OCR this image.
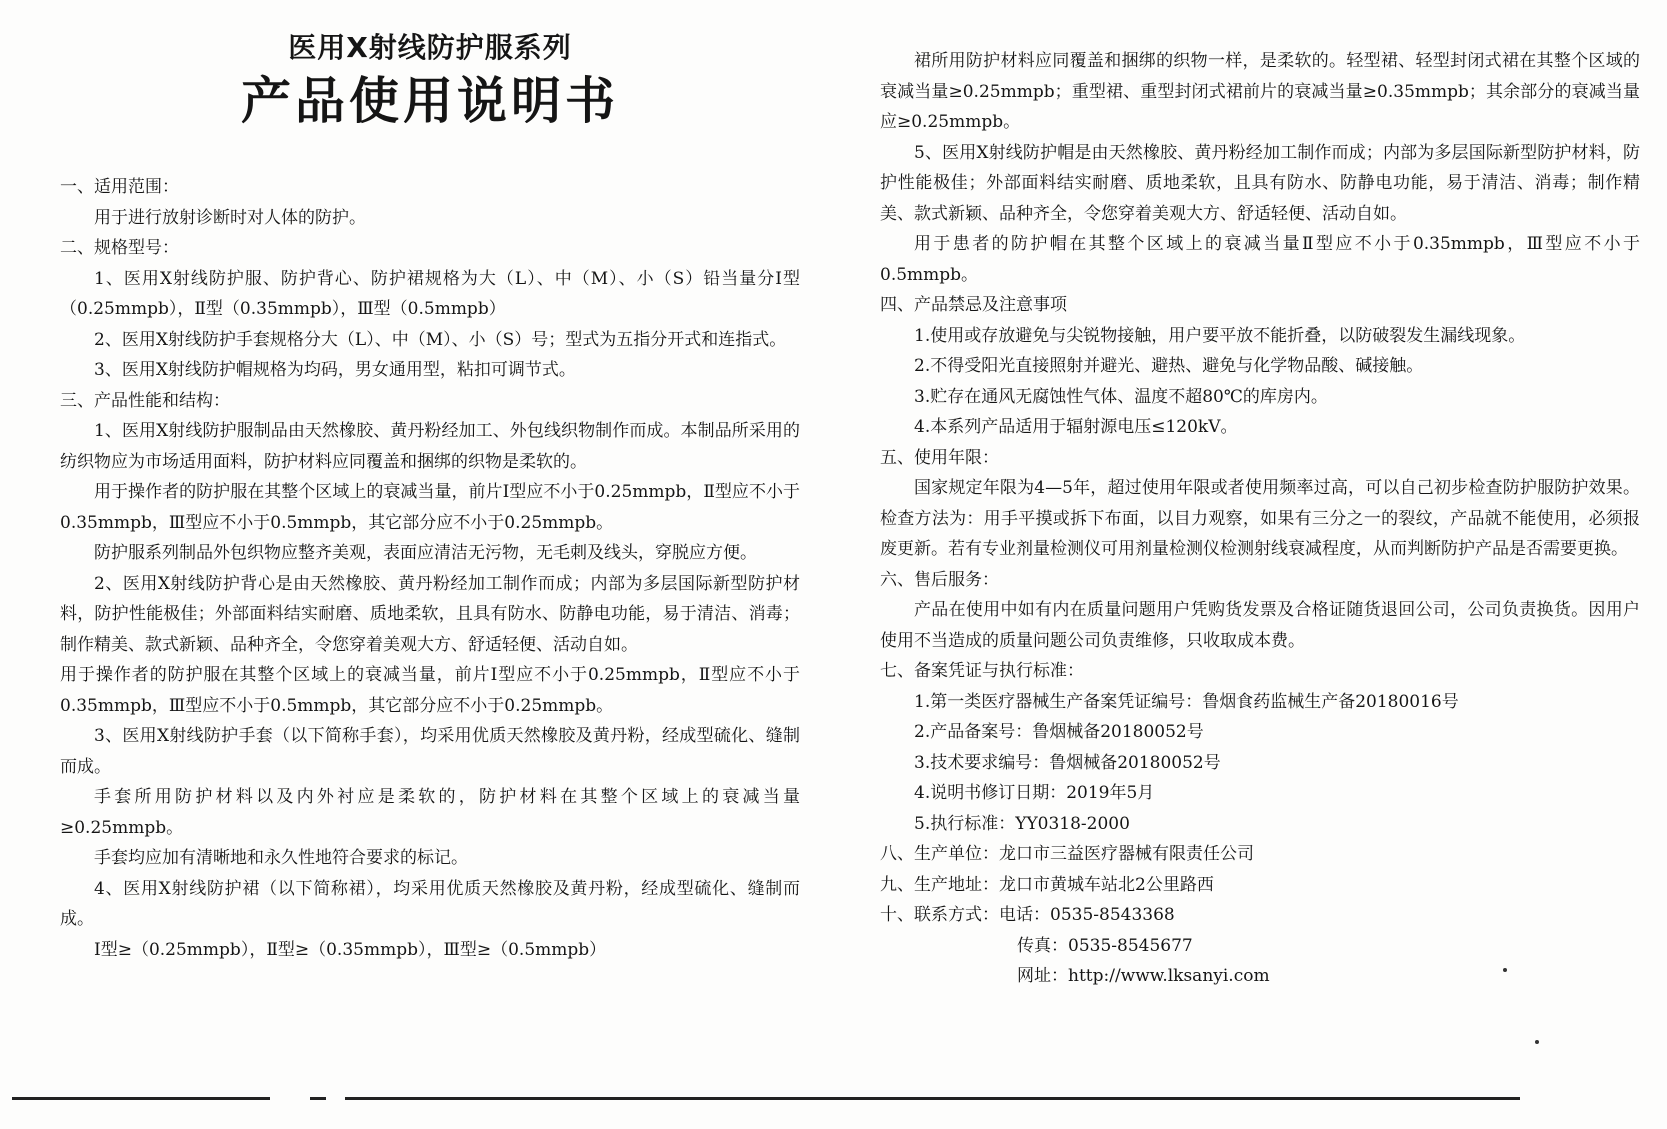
医用X射线防护服系列
产品使用说明书

一、适用范围：

用于进行放射诊断时对人体的防护。

二、规格型号：

1、医用X射线防护服、防护背心、防护裙规格为大（L）、中（M）、小（S）铅当量分Ⅰ型（0.25mmpb），Ⅱ型（0.35mmpb），Ⅲ型（0.5mmpb）

2、医用X射线防护手套规格分大（L）、中（M）、小（S）号；型式为五指分开式和连指式。

3、医用X射线防护帽规格为均码，男女通用型，粘扣可调节式。

三、产品性能和结构：

1、医用X射线防护服制品由天然橡胶、黄丹粉经加工、外包线织物制作而成。本制品所采用的纺织物应为市场适用面料，防护材料应同覆盖和捆绑的织物是柔软的。

用于操作者的防护服在其整个区域上的衰减当量，前片Ⅰ型应不小于0.25mmpb，Ⅱ型应不小于0.35mmpb，Ⅲ型应不小于0.5mmpb，其它部分应不小于0.25mmpb。

防护服系列制品外包织物应整齐美观，表面应清洁无污物，无毛刺及线头，穿脱应方便。

2、医用X射线防护背心是由天然橡胶、黄丹粉经加工制作而成；内部为多层国际新型防护材料，防护性能极佳；外部面料结实耐磨、质地柔软，且具有防水、防静电功能，易于清洁、消毒；制作精美、款式新颖、品种齐全，令您穿着美观大方、舒适轻便、活动自如。

用于操作者的防护服在其整个区域上的衰减当量，前片Ⅰ型应不小于0.25mmpb，Ⅱ型应不小于0.35mmpb，Ⅲ型应不小于0.5mmpb，其它部分应不小于0.25mmpb。

3、医用X射线防护手套（以下简称手套），均采用优质天然橡胶及黄丹粉，经成型硫化、缝制而成。

手套所用防护材料以及内外衬应是柔软的，防护材料在其整个区域上的衰减当量≥0.25mmpb。

手套均应加有清晰地和永久性地符合要求的标记。

4、医用X射线防护裙（以下简称裙），均采用优质天然橡胶及黄丹粉，经成型硫化、缝制而成。

Ⅰ型≥（0.25mmpb），Ⅱ型≥（0.35mmpb），Ⅲ型≥（0.5mmpb）

裙所用防护材料应同覆盖和捆绑的织物一样，是柔软的。轻型裙、轻型封闭式裙在其整个区域的衰减当量≥0.25mmpb；重型裙、重型封闭式裙前片的衰减当量≥0.35mmpb；其余部分的衰减当量应≥0.25mmpb。

5、医用X射线防护帽是由天然橡胶、黄丹粉经加工制作而成；内部为多层国际新型防护材料，防护性能极佳；外部面料结实耐磨、质地柔软，且具有防水、防静电功能，易于清洁、消毒；制作精美、款式新颖、品种齐全，令您穿着美观大方、舒适轻便、活动自如。

用于患者的防护帽在其整个区域上的衰减当量Ⅱ型应不小于0.35mmpb，Ⅲ型应不小于0.5mmpb。

四、产品禁忌及注意事项

1.使用或存放避免与尖锐物接触，用户要平放不能折叠，以防破裂发生漏线现象。

2.不得受阳光直接照射并避光、避热、避免与化学物品酸、碱接触。

3.贮存在通风无腐蚀性气体、温度不超80℃的库房内。

4.本系列产品适用于辐射源电压≤120kV。

五、使用年限：

国家规定年限为4—5年，超过使用年限或者使用频率过高，可以自己初步检查防护服防护效果。检查方法为：用手平摸或拆下布面，以目力观察，如果有三分之一的裂纹，产品就不能使用，必须报废更新。若有专业剂量检测仪可用剂量检测仪检测射线衰减程度，从而判断防护产品是否需要更换。

六、售后服务：

产品在使用中如有内在质量问题用户凭购货发票及合格证随货退回公司，公司负责换货。因用户使用不当造成的质量问题公司负责维修，只收取成本费。

七、备案凭证与执行标准：

1.第一类医疗器械生产备案凭证编号：鲁烟食药监械生产备20180016号

2.产品备案号：鲁烟械备20180052号

3.技术要求编号：鲁烟械备20180052号

4.说明书修订日期：2019年5月

5.执行标准：YY0318-2000

八、生产单位：龙口市三益医疗器械有限责任公司

九、生产地址：龙口市黄城车站北2公里路西

十、联系方式：电话：0535-8543368

传真：0535-8545677

网址：http://www.lksanyi.com
